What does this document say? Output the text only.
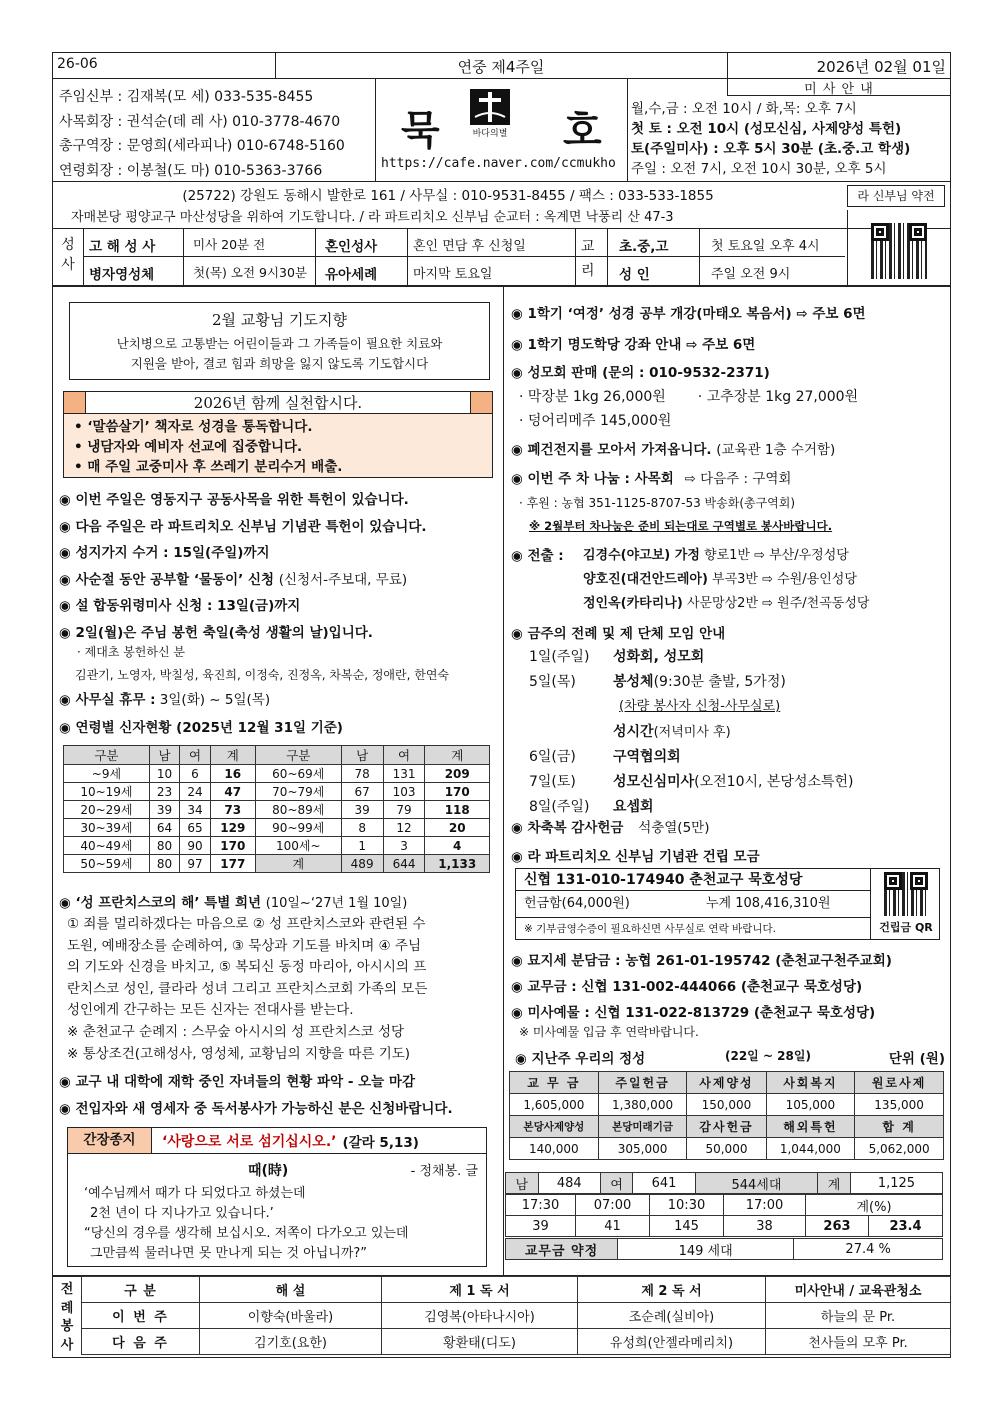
26-06	연중 제4주일	2026년 02월 01일
주임신부 : 김재복(모 세) 033-535-8455
사목회장 : 권석순(데 레 사) 010-3778-4670
총구역장 : 문영희(세라피나) 010-6748-5160
연령회장 : 이봉철(도 마) 010-5363-3766
묵	바다의별 호
https://cafe.naver.com/ccmukho
미 사 안 내
월,수,금 : 오전 10시 / 화,목: 오후 7시
첫 토 : 오전 10시 (성모신심, 사제양성 특헌)
토(주일미사) : 오후 5시 30분 (초.중.고 학생)
주일 : 오전 7시, 오전 10시 30분, 오후 5시
(25722) 강원도 동해시 발한로 161 / 사무실 : 010-9531-8455 / 팩스 : 033-533-1855
자매본당 평양교구 마산성당을 위하여 기도합니다. / 라 파트리치오 신부님 순교터 : 옥계면 낙풍리 산 47-3
라 신부님 약전
성 사
고 해 성 사	미사 20분 전	혼인성사	혼인 면담 후 신청일
병자영성체	첫(목) 오전 9시30분 유아세례	마지막 토요일
교 리
초.중,고	첫 토요일 오후 4시
성 인	주일 오전 9시
2월 교황님 기도지향
난치병으로 고통받는 어린이들과 그 가족들이 필요한 치료와
지원을 받아, 결코 힘과 희망을 잃지 않도록 기도합시다
2026년 함께 실천합시다.
• ‘말씀살기’ 책자로 성경을 통독합니다.
• 냉담자와 예비자 선교에 집중합니다.
• 매 주일 교중미사 후 쓰레기 분리수거 배출.
◉ 이번 주일은 영동지구 공동사목을 위한 특헌이 있습니다.
◉ 다음 주일은 라 파트리치오 신부님 기념관 특헌이 있습니다.
◉ 성지가지 수거 : 15일(주일)까지
◉ 사순절 동안 공부할 ‘물동이’ 신청 (신청서-주보대, 무료)
◉ 설 합동위령미사 신청 : 13일(금)까지
◉ 2일(월)은 주님 봉헌 축일(축성 생활의 날)입니다.
· 제대초 봉헌하신 분
김관기, 노영자, 박칠성, 육진희, 이정숙, 진정옥, 차복순, 정애란, 한연숙
◉ 사무실 휴무 : 3일(화) ~ 5일(목)
◉ 연령별 신자현황 (2025년 12월 31일 기준)
구분	남	여	계	구분	남	여	계
~9세	10	6	16	60~69세	78	131	209
10~19세	23	24	47	70~79세	67	103	170
20~29세	39	34	73	80~89세	39	79	118
30~39세	64	65	129	90~99세	8	12	20
40~49세	80	90	170	100세~	1	3	4
50~59세	80	97	177	계	489	644	1,133
◉ ‘성 프란치스코의 해’ 특별 희년 (10일~‘27년 1월 10일)
① 죄를 멀리하겠다는 마음으로 ② 성 프란치스코와 관련된 수
도원, 예배장소를 순례하여, ③ 묵상과 기도를 바치며 ④ 주님
의 기도와 신경을 바치고, ⑤ 복되신 동정 마리아, 아시시의 프
란치스코 성인, 클라라 성녀 그리고 프란치스코회 가족의 모든
성인에게 간구하는 모든 신자는 전대사를 받는다.
※ 춘천교구 순례지 : 스무숲 아시시의 성 프란치스코 성당
※ 통상조건(고해성사, 영성체, 교황님의 지향을 따른 기도)
◉ 교구 내 대학에 재학 중인 자녀들의 현황 파악 - 오늘 마감
◉ 전입자와 새 영세자 중 독서봉사가 가능하신 분은 신청바랍니다.
간장종지	‘사랑으로 서로 섬기십시오.’ (갈라 5,13)
때(時)	- 정채봉. 글
‘예수님께서 때가 다 되었다고 하셨는데
2천 년이 다 지나가고 있습니다.’
“당신의 경우를 생각해 보십시오. 저쪽이 다가오고 있는데
그만큼씩 물러나면 못 만나게 되는 것 아닙니까?”
◉ 1학기 ‘여정’ 성경 공부 개강(마태오 복음서) ⇨ 주보 6면
◉ 1학기 명도학당 강좌 안내 ⇨ 주보 6면
◉ 성모회 판매 (문의 : 010-9532-2371)
· 막장분 1kg 26,000원 · 고추장분 1kg 27,000원
· 덩어리메주 145,000원
◉ 폐건전지를 모아서 가져옵니다. (교육관 1층 수거함)
◉ 이번 주 차 나눔 : 사목회 ⇨ 다음주 : 구역회
· 후원 : 농협 351-1125-8707-53 박송화(총구역회)
※ 2월부터 차나눔은 준비 되는대로 구역별로 봉사바랍니다.
◉ 전출 : 김경수(야고보) 가정 향로1반 ⇨ 부산/우정성당
양호진(대건안드레아) 부곡3반 ⇨ 수원/용인성당
정인옥(카타리나) 사문망상2반 ⇨ 원주/천곡동성당
◉ 금주의 전례 및 제 단체 모임 안내
1일(주일) 성화회, 성모회
5일(목)	봉성체(9:30분 출발, 5가정)
(차량 봉사자 신청-사무실로)
성시간(저녁미사 후)
6일(금)	구역협의회
7일(토)	성모신심미사(오전10시, 본당성소특헌)
8일(주일) 요셉회
◉ 차축복 감사헌금 석충열(5만)
◉ 라 파트리치오 신부님 기념관 건립 모금
신협 131-010-174940 춘천교구 묵호성당
헌금함(64,000원)	누계 108,416,310원
※ 기부금영수증이 필요하신면 사무실로 연락 바랍니다.	건립금 QR
◉ 묘지세 분담금 : 농협 261-01-195742 (춘천교구천주교회)
◉ 교무금 : 신협 131-002-444066 (춘천교구 묵호성당)
◉ 미사예물 : 신협 131-022-813729 (춘천교구 묵호성당)
※ 미사예물 입금 후 연락바랍니다.
◉ 지난주 우리의 정성	(22일 ~ 28일)	단위 (원)
교 무 금	주일헌금	사제양성	사회복지	원로사제
1,605,000	1,380,000	150,000	105,000	135,000
본당사제양성	본당미래기금	감사헌금	해외특헌	합 계
140,000	305,000	50,000	1,044,000	5,062,000
남	484	여	641	544세대	계	1,125
17:30	07:00	10:30	17:00	계(%)	
39	41	145	38	263	23.4
교무금 약정	149 세대	27.4 %
전례봉사
구 분	해 설	제 1 독 서	제 2 독 서	미사안내 / 교육관청소
이 번 주	이향숙(바울라)	김영복(아타나시아)	조순례(실비아)	하늘의 문 Pr.
다 음 주	김기호(요한)	황환태(디도)	유성희(안젤라메리치)	천사들의 모후 Pr.
